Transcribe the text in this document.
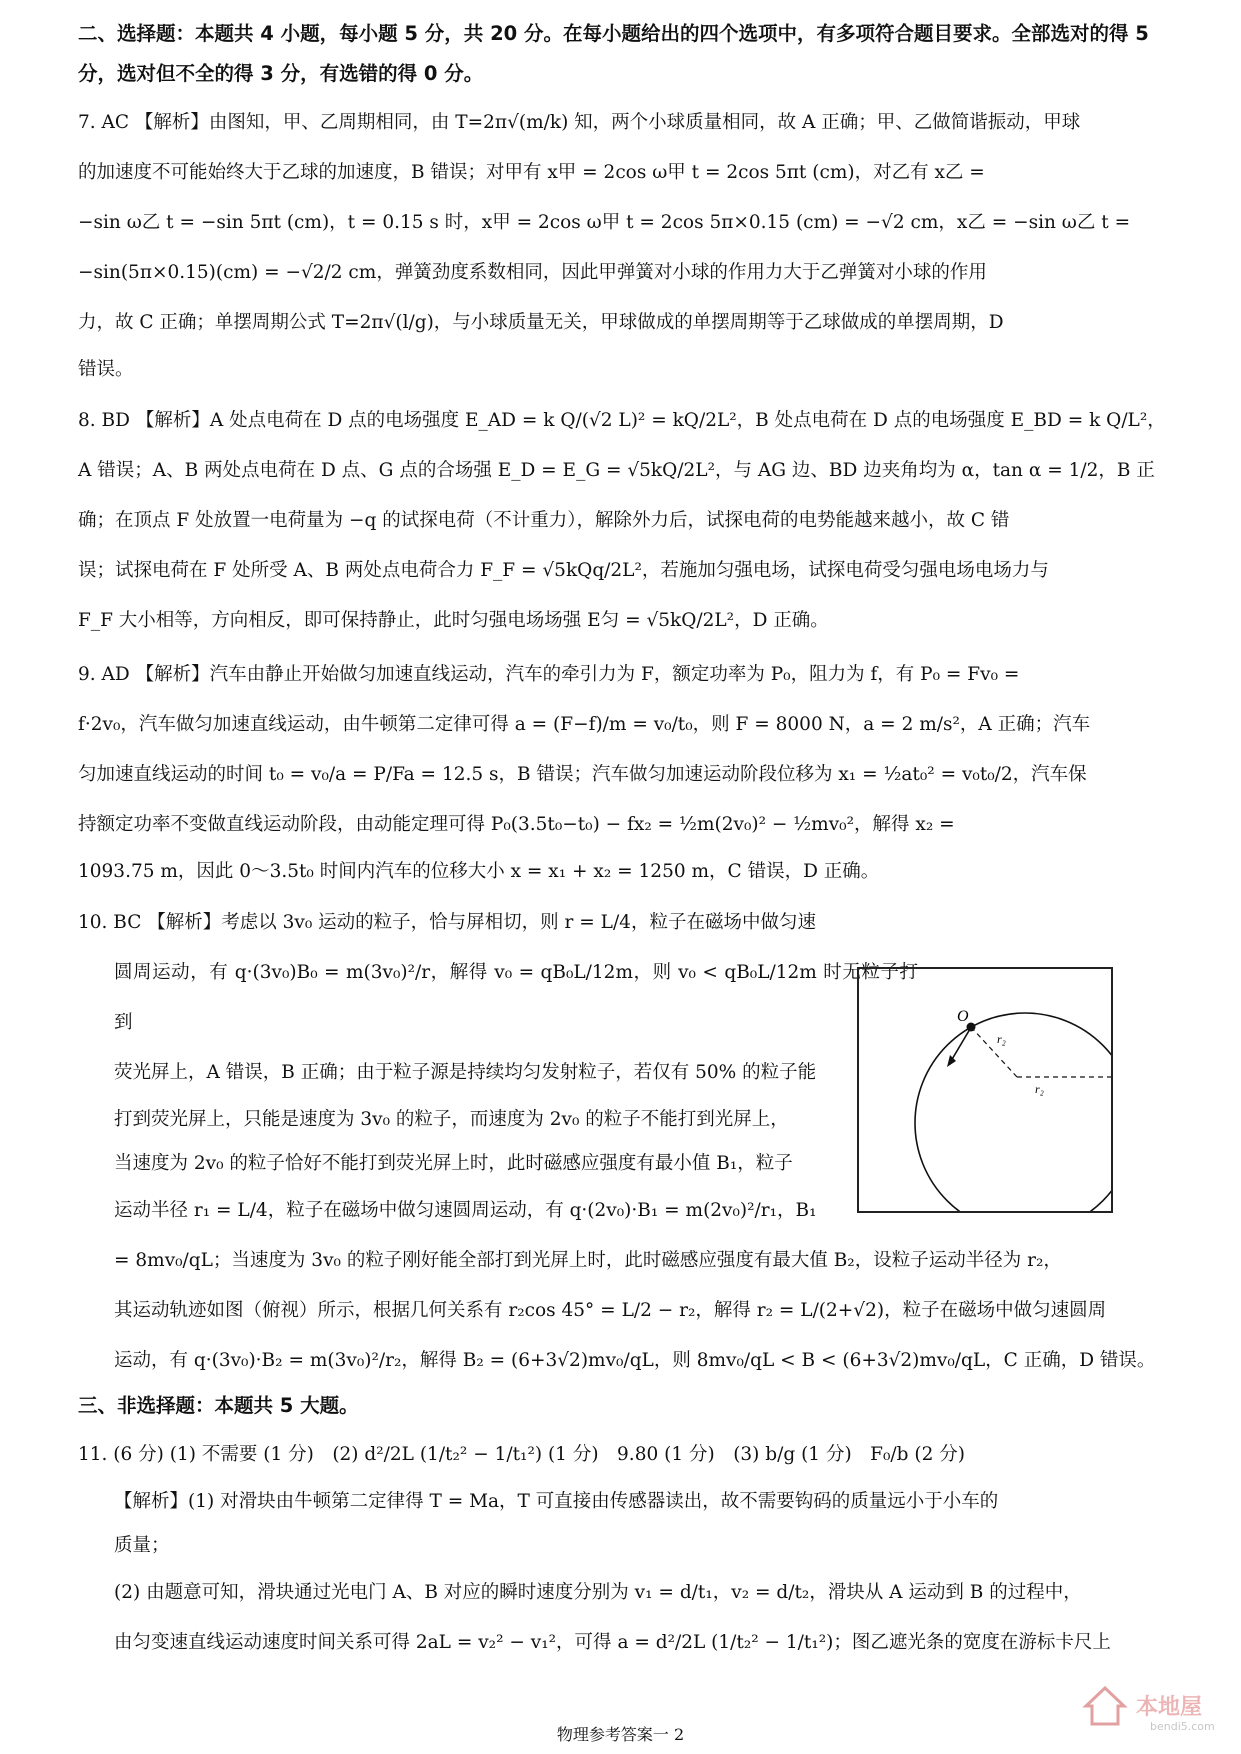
二、选择题：本题共 4 小题，每小题 5 分，共 20 分。在每小题给出的四个选项中，有多项符合题目要求。全部选对的得 5 分，选对但不全的得 3 分，有选错的得 0 分。

7. AC 【解析】由图知，甲、乙周期相同，由 T=2π√(m/k) 知，两个小球质量相同，故 A 正确；甲、乙做简谐振动，甲球

的加速度不可能始终大于乙球的加速度，B 错误；对甲有 x甲 = 2cos ω甲 t = 2cos 5πt (cm)，对乙有 x乙 =

−sin ω乙 t = −sin 5πt (cm)，t = 0.15 s 时，x甲 = 2cos ω甲 t = 2cos 5π×0.15 (cm) = −√2 cm，x乙 = −sin ω乙 t =

−sin(5π×0.15)(cm) = −√2/2 cm，弹簧劲度系数相同，因此甲弹簧对小球的作用力大于乙弹簧对小球的作用

力，故 C 正确；单摆周期公式 T=2π√(l/g)，与小球质量无关，甲球做成的单摆周期等于乙球做成的单摆周期，D

错误。

8. BD 【解析】A 处点电荷在 D 点的电场强度 E_AD = k Q/(√2 L)² = kQ/2L²，B 处点电荷在 D 点的电场强度 E_BD = k Q/L²，

A 错误；A、B 两处点电荷在 D 点、G 点的合场强 E_D = E_G = √5kQ/2L²，与 AG 边、BD 边夹角均为 α，tan α = 1/2，B 正

确；在顶点 F 处放置一电荷量为 −q 的试探电荷（不计重力），解除外力后，试探电荷的电势能越来越小，故 C 错

误；试探电荷在 F 处所受 A、B 两处点电荷合力 F_F = √5kQq/2L²，若施加匀强电场，试探电荷受匀强电场电场力与

F_F 大小相等，方向相反，即可保持静止，此时匀强电场场强 E匀 = √5kQ/2L²，D 正确。

9. AD 【解析】汽车由静止开始做匀加速直线运动，汽车的牵引力为 F，额定功率为 P₀，阻力为 f，有 P₀ = Fv₀ =

f·2v₀，汽车做匀加速直线运动，由牛顿第二定律可得 a = (F−f)/m = v₀/t₀，则 F = 8000 N，a = 2 m/s²，A 正确；汽车

匀加速直线运动的时间 t₀ = v₀/a = P/Fa = 12.5 s，B 错误；汽车做匀加速运动阶段位移为 x₁ = ½at₀² = v₀t₀/2，汽车保

持额定功率不变做直线运动阶段，由动能定理可得 P₀(3.5t₀−t₀) − fx₂ = ½m(2v₀)² − ½mv₀²，解得 x₂ =

1093.75 m，因此 0～3.5t₀ 时间内汽车的位移大小 x = x₁ + x₂ = 1250 m，C 错误，D 正确。

10. BC 【解析】考虑以 3v₀ 运动的粒子，恰与屏相切，则 r = L/4，粒子在磁场中做匀速

圆周运动，有 q·(3v₀)B₀ = m(3v₀)²/r，解得 v₀ = qB₀L/12m，则 v₀ < qB₀L/12m 时无粒子打到

荧光屏上，A 错误，B 正确；由于粒子源是持续均匀发射粒子，若仅有 50% 的粒子能

打到荧光屏上，只能是速度为 3v₀ 的粒子，而速度为 2v₀ 的粒子不能打到光屏上，

当速度为 2v₀ 的粒子恰好不能打到荧光屏上时，此时磁感应强度有最小值 B₁，粒子

运动半径 r₁ = L/4，粒子在磁场中做匀速圆周运动，有 q·(2v₀)·B₁ = m(2v₀)²/r₁，B₁

= 8mv₀/qL；当速度为 3v₀ 的粒子刚好能全部打到光屏上时，此时磁感应强度有最大值 B₂，设粒子运动半径为 r₂，

其运动轨迹如图（俯视）所示，根据几何关系有 r₂cos 45° = L/2 − r₂，解得 r₂ = L/(2+√2)，粒子在磁场中做匀速圆周

运动，有 q·(3v₀)·B₂ = m(3v₀)²/r₂，解得 B₂ = (6+3√2)mv₀/qL，则 8mv₀/qL < B < (6+3√2)mv₀/qL，C 正确，D 错误。

三、非选择题：本题共 5 大题。

11. (6 分) (1) 不需要 (1 分)　(2) d²/2L (1/t₂² − 1/t₁²) (1 分)　9.80 (1 分)　(3) b/g (1 分)　F₀/b (2 分)

【解析】(1) 对滑块由牛顿第二定律得 T = Ma，T 可直接由传感器读出，故不需要钩码的质量远小于小车的

质量；

(2) 由题意可知，滑块通过光电门 A、B 对应的瞬时速度分别为 v₁ = d/t₁，v₂ = d/t₂，滑块从 A 运动到 B 的过程中，

由匀变速直线运动速度时间关系可得 2aL = v₂² − v₁²，可得 a = d²/2L (1/t₂² − 1/t₁²)；图乙遮光条的宽度在游标卡尺上

O
r₂
r₂
物理参考答案一 2
本地屋
bendi5.com
